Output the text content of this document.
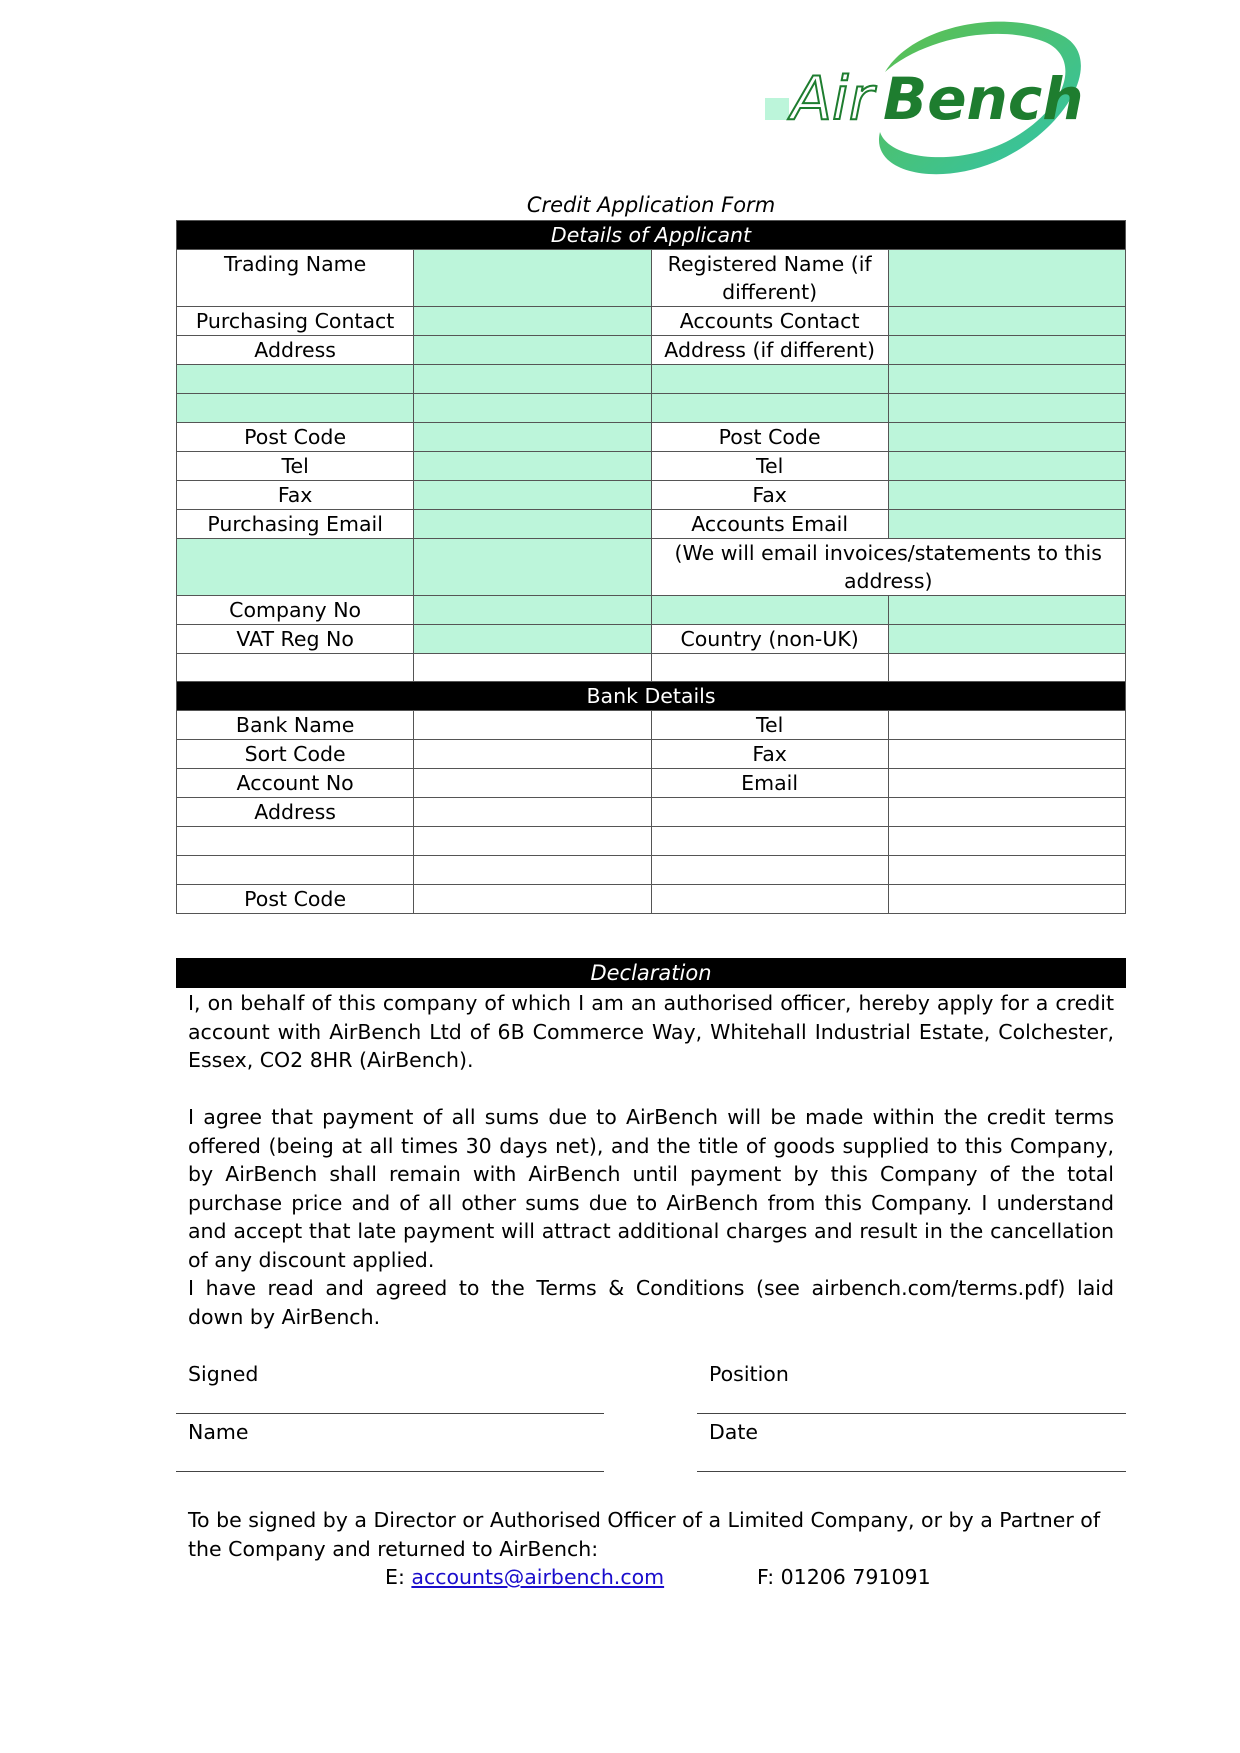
Air Bench
Credit Application Form
Details of Applicant			
Trading Name		Registered Name (if different)	
Purchasing Contact		Accounts Contact	
Address		Address (if different)	

Post Code		Post Code	
Tel		Tel	
Fax		Fax	
Purchasing Email		Accounts Email	
		(We will email invoices/statements to this address)	
Company No			
VAT Reg No		Country (non-UK)	

Bank Details			
Bank Name		Tel	
Sort Code		Fax	
Account No		Email	
Address			

Post Code			
Declaration

I, on behalf of this company of which I am an authorised officer, hereby apply for a credit account with AirBench Ltd of 6B Commerce Way, Whitehall Industrial Estate, Colchester, Essex, CO2 8HR (AirBench).

I agree that payment of all sums due to AirBench will be made within the credit terms offered (being at all times 30 days net), and the title of goods supplied to this Company, by AirBench shall remain with AirBench until payment by this Company of the total purchase price and of all other sums due to AirBench from this Company. I understand and accept that late payment will attract additional charges and result in the cancellation of any discount applied.

I have read and agreed to the Terms & Conditions (see airbench.com/terms.pdf) laid down by AirBench.

Signed	Position
Name	Date

To be signed by a Director or Authorised Officer of a Limited Company, or by a Partner of the Company and returned to AirBench:

E: accounts@airbench.com	F: 01206 791091
